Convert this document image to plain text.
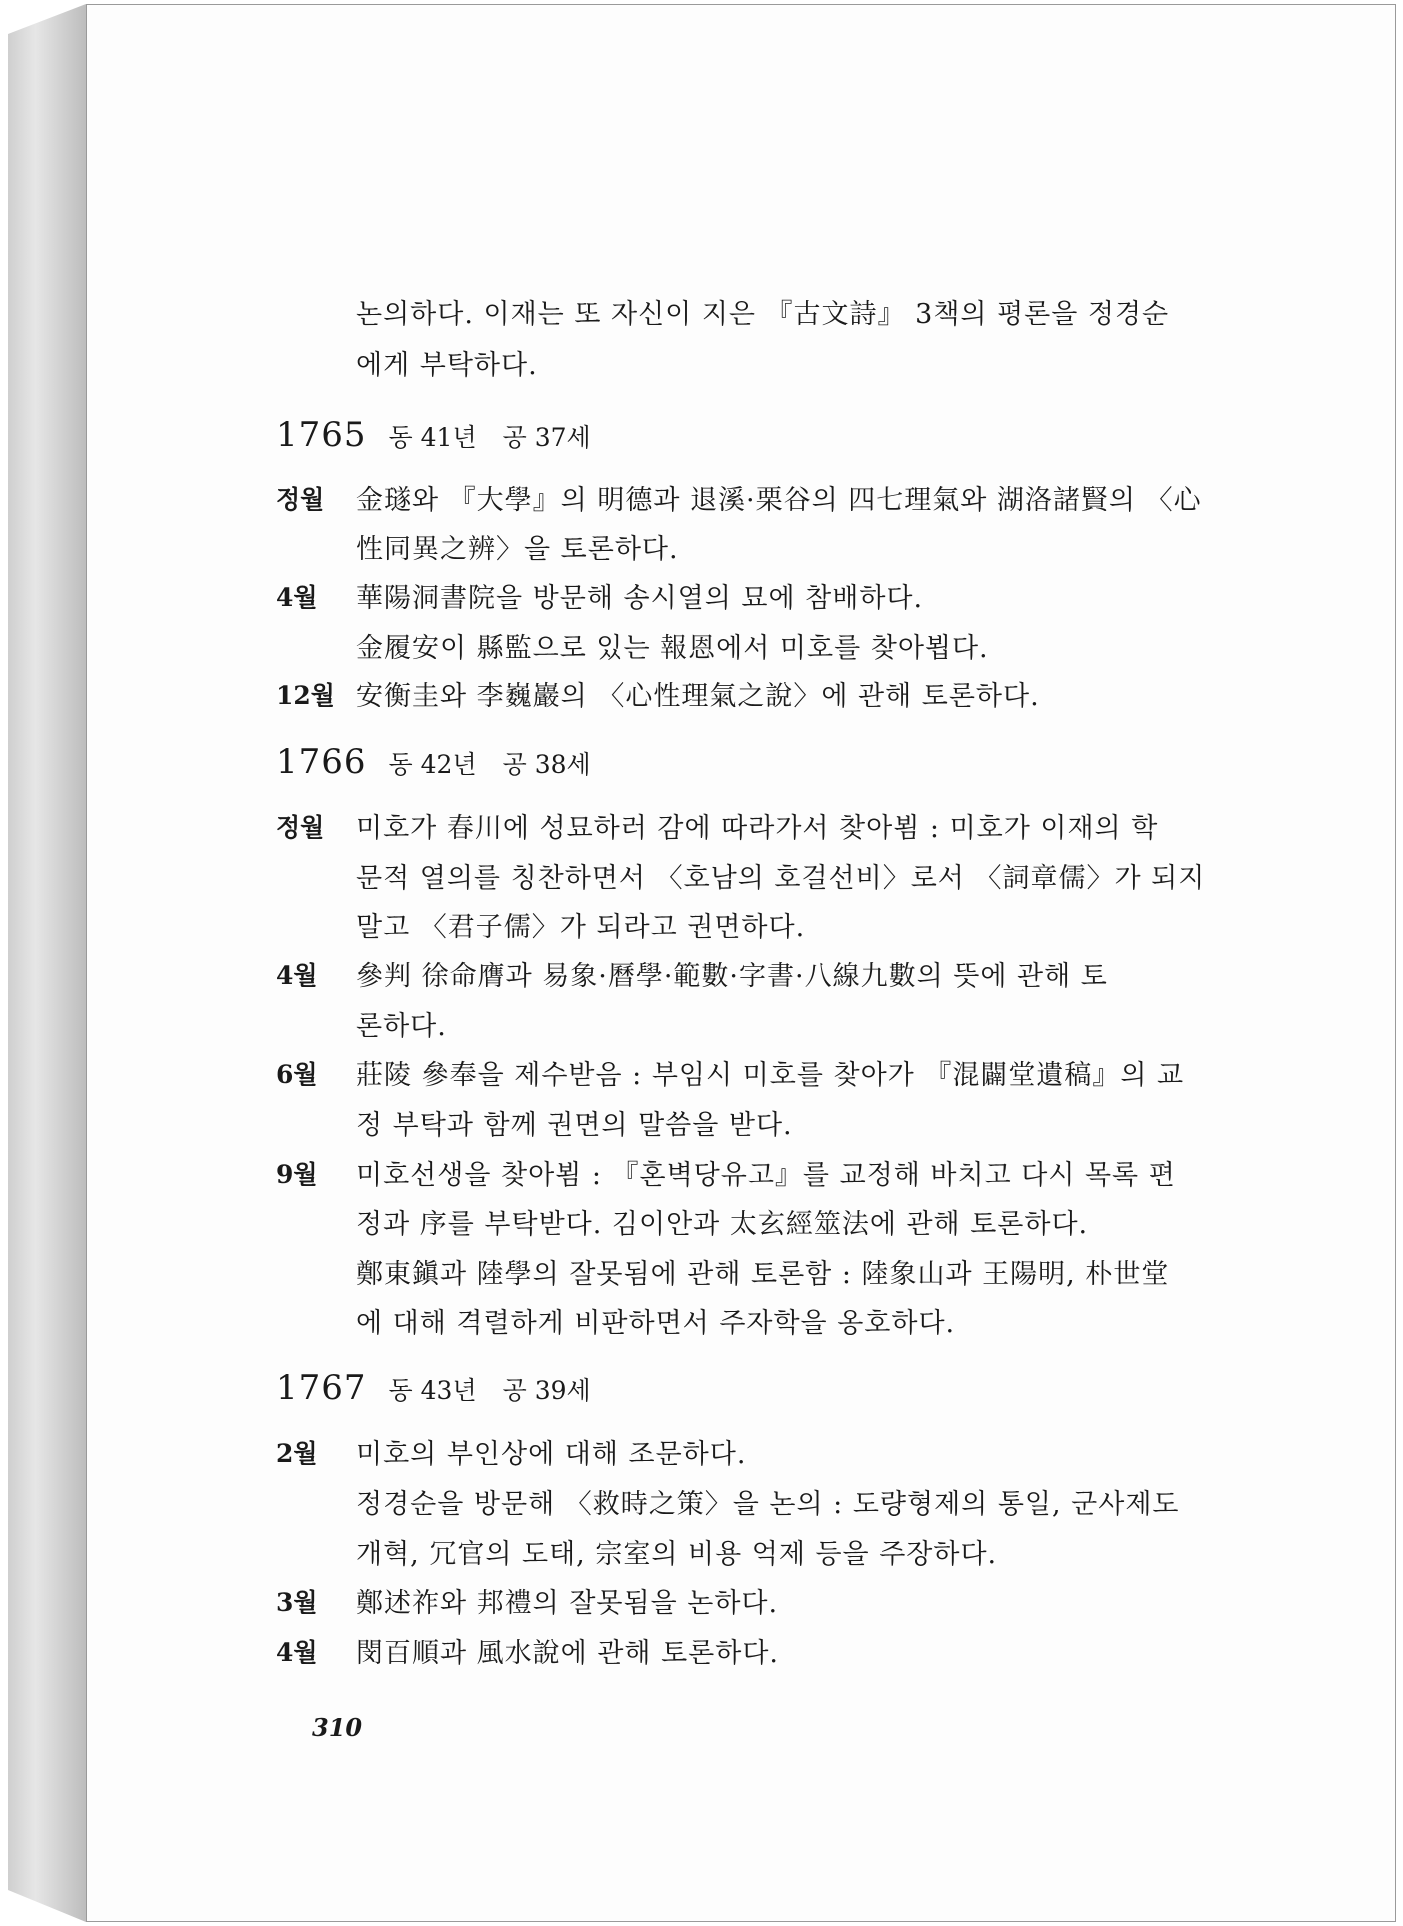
논의하다. 이재는 또 자신이 지은 『古文詩』 3책의 평론을 정경순
에게 부탁하다.
1765 동 41년 공 37세
정월 金璲와 『大學』의 明德과 退溪·栗谷의 四七理氣와 湖洛諸賢의 〈心
性同異之辨〉을 토론하다.
4월 華陽洞書院을 방문해 송시열의 묘에 참배하다.
金履安이 縣監으로 있는 報恩에서 미호를 찾아뵙다.
12월 安衡圭와 李巍巖의 〈心性理氣之說〉에 관해 토론하다.
1766 동 42년 공 38세
정월 미호가 春川에 성묘하러 감에 따라가서 찾아뵘 : 미호가 이재의 학
문적 열의를 칭찬하면서 〈호남의 호걸선비〉로서 〈詞章儒〉가 되지
말고 〈君子儒〉가 되라고 권면하다.
4월 參判 徐命膺과 易象·曆學·範數·字書·八線九數의 뜻에 관해 토
론하다.
6월 莊陵 參奉을 제수받음 : 부임시 미호를 찾아가 『混闢堂遺稿』의 교
정 부탁과 함께 권면의 말씀을 받다.
9월 미호선생을 찾아뵘 : 『혼벽당유고』를 교정해 바치고 다시 목록 편
정과 序를 부탁받다. 김이안과 太玄經筮法에 관해 토론하다.
鄭東鎭과 陸學의 잘못됨에 관해 토론함 : 陸象山과 王陽明, 朴世堂
에 대해 격렬하게 비판하면서 주자학을 옹호하다.
1767 동 43년 공 39세
2월 미호의 부인상에 대해 조문하다.
정경순을 방문해 〈救時之策〉을 논의 : 도량형제의 통일, 군사제도
개혁, 冗官의 도태, 宗室의 비용 억제 등을 주장하다.
3월 鄭述祚와 邦禮의 잘못됨을 논하다.
4월 閔百順과 風水說에 관해 토론하다.
310
